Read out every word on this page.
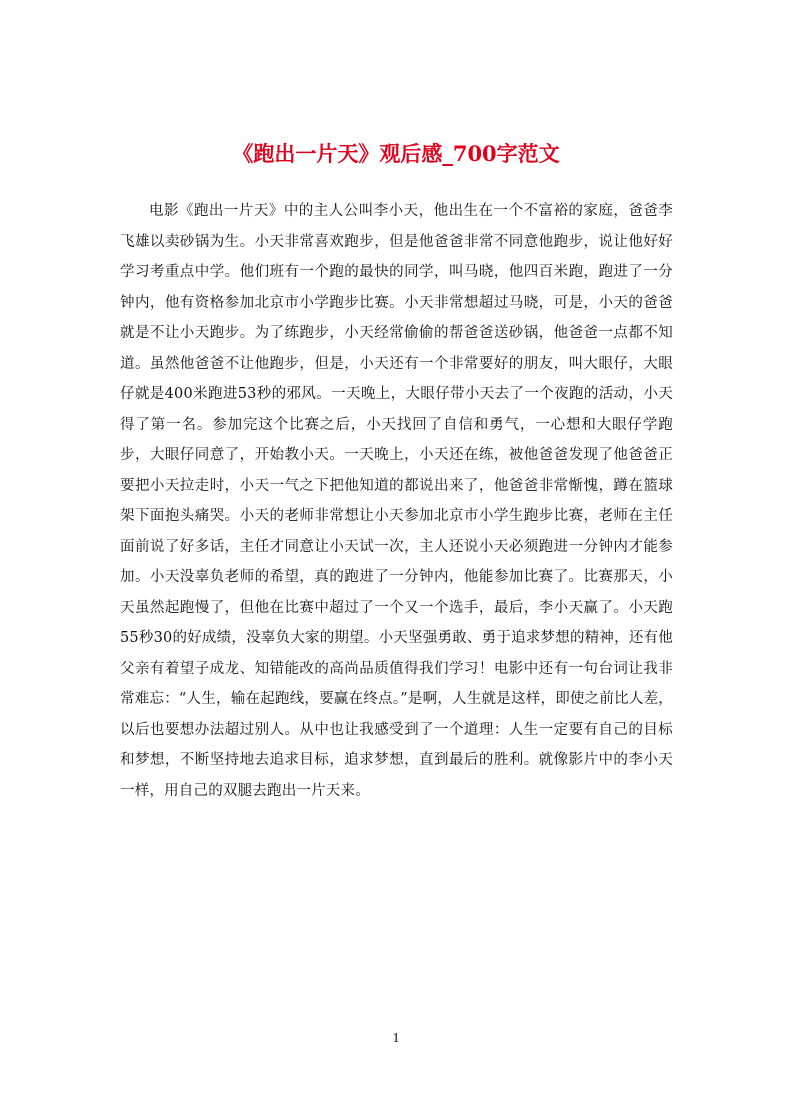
《跑出一片天》观后感_700字范文

电影《跑出一片天》中的主人公叫李小天，他出生在一个不富裕的家庭，爸爸李飞雄以卖砂锅为生。小天非常喜欢跑步，但是他爸爸非常不同意他跑步，说让他好好学习考重点中学。他们班有一个跑的最快的同学，叫马晓，他四百米跑，跑进了一分钟内，他有资格参加北京市小学跑步比赛。小天非常想超过马晓，可是，小天的爸爸就是不让小天跑步。为了练跑步，小天经常偷偷的帮爸爸送砂锅，他爸爸一点都不知道。虽然他爸爸不让他跑步，但是，小天还有一个非常要好的朋友，叫大眼仔，大眼仔就是400米跑进53秒的邪风。一天晚上，大眼仔带小天去了一个夜跑的活动，小天得了第一名。参加完这个比赛之后，小天找回了自信和勇气，一心想和大眼仔学跑步，大眼仔同意了，开始教小天。一天晚上，小天还在练，被他爸爸发现了他爸爸正要把小天拉走时，小天一气之下把他知道的都说出来了，他爸爸非常惭愧，蹲在篮球架下面抱头痛哭。小天的老师非常想让小天参加北京市小学生跑步比赛，老师在主任面前说了好多话，主任才同意让小天试一次，主人还说小天必须跑进一分钟内才能参加。小天没辜负老师的希望，真的跑进了一分钟内，他能参加比赛了。比赛那天，小天虽然起跑慢了，但他在比赛中超过了一个又一个选手，最后，李小天赢了。小天跑55秒30的好成绩，没辜负大家的期望。小天坚强勇敢、勇于追求梦想的精神，还有他父亲有着望子成龙、知错能改的高尚品质值得我们学习！电影中还有一句台词让我非常难忘：“人生，输在起跑线，要赢在终点。”是啊，人生就是这样，即使之前比人差，以后也要想办法超过别人。从中也让我感受到了一个道理：人生一定要有自己的目标和梦想，不断坚持地去追求目标，追求梦想，直到最后的胜利。就像影片中的李小天一样，用自己的双腿去跑出一片天来。

1
